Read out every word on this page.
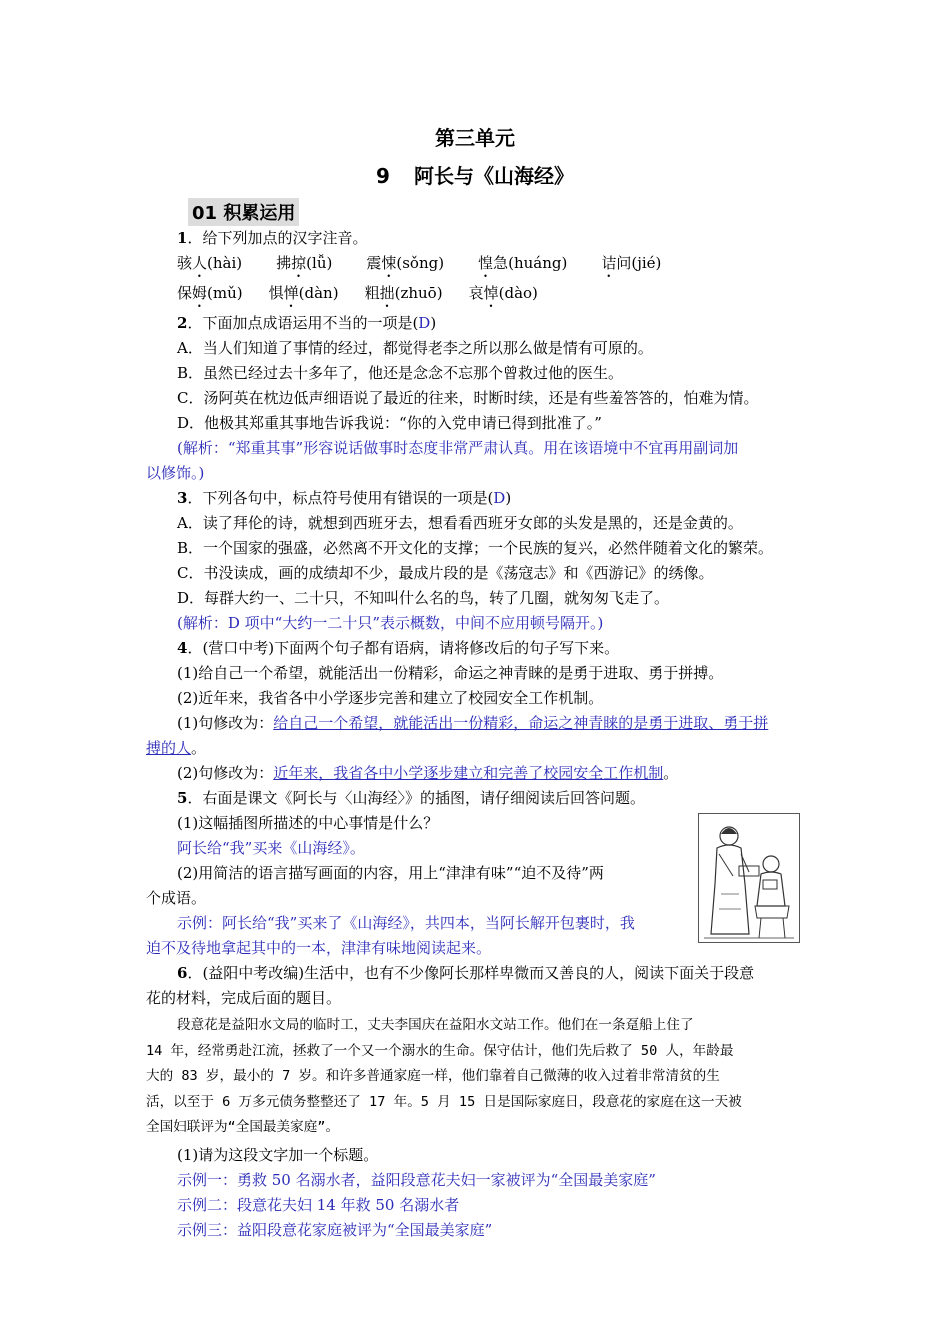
第三单元
9 阿长与《山海经》
01 积累运用
1．给下列加点的汉字注音。
骇人(hài) 拂掠(lǚ) 震悚(sǒng) 惶急(huáng) 诘问(jié)
保姆(mǔ) 惧惮(dàn) 粗拙(zhuō) 哀悼(dào)
2．下面加点成语运用不当的一项是(D)
A．当人们知道了事情的经过，都觉得老李之所以那么做是情有可原的。
B．虽然已经过去十多年了，他还是念念不忘那个曾救过他的医生。
C．汤阿英在枕边低声细语说了最近的往来，时断时续，还是有些羞答答的，怕难为情。
D．他极其郑重其事地告诉我说：“你的入党申请已得到批准了。”
(解析：“郑重其事”形容说话做事时态度非常严肃认真。用在该语境中不宜再用副词加
以修饰。)
3．下列各句中，标点符号使用有错误的一项是(D)
A．读了拜伦的诗，就想到西班牙去，想看看西班牙女郎的头发是黑的，还是金黄的。
B．一个国家的强盛，必然离不开文化的支撑；一个民族的复兴，必然伴随着文化的繁荣。
C．书没读成，画的成绩却不少，最成片段的是《荡寇志》和《西游记》的绣像。
D．每群大约一、二十只，不知叫什么名的鸟，转了几圈，就匆匆飞走了。
(解析：D 项中“大约一二十只”表示概数，中间不应用顿号隔开。)
4．(营口中考)下面两个句子都有语病，请将修改后的句子写下来。
(1)给自己一个希望，就能活出一份精彩，命运之神青睐的是勇于进取、勇于拼搏。
(2)近年来，我省各中小学逐步完善和建立了校园安全工作机制。
(1)句修改为：给自己一个希望，就能活出一份精彩，命运之神青睐的是勇于进取、勇于拼
搏的人。
(2)句修改为：近年来，我省各中小学逐步建立和完善了校园安全工作机制。
5．右面是课文《阿长与〈山海经〉》的插图，请仔细阅读后回答问题。
(1)这幅插图所描述的中心事情是什么？
阿长给“我”买来《山海经》。
(2)用简洁的语言描写画面的内容，用上“津津有味”“迫不及待”两
个成语。
示例：阿长给“我”买来了《山海经》，共四本，当阿长解开包裹时，我
迫不及待地拿起其中的一本，津津有味地阅读起来。
6．(益阳中考改编)生活中，也有不少像阿长那样卑微而又善良的人，阅读下面关于段意
花的材料，完成后面的题目。
段意花是益阳水文局的临时工，丈夫李国庆在益阳水文站工作。他们在一条趸船上住了
14 年，经常勇赴江流，拯救了一个又一个溺水的生命。保守估计，他们先后救了 50 人，年龄最
大的 83 岁，最小的 7 岁。和许多普通家庭一样，他们靠着自己微薄的收入过着非常清贫的生
活，以至于 6 万多元债务整整还了 17 年。5 月 15 日是国际家庭日，段意花的家庭在这一天被
全国妇联评为“全国最美家庭”。
(1)请为这段文字加一个标题。
示例一：勇救 50 名溺水者，益阳段意花夫妇一家被评为“全国最美家庭”
示例二：段意花夫妇 14 年救 50 名溺水者
示例三：益阳段意花家庭被评为“全国最美家庭”
